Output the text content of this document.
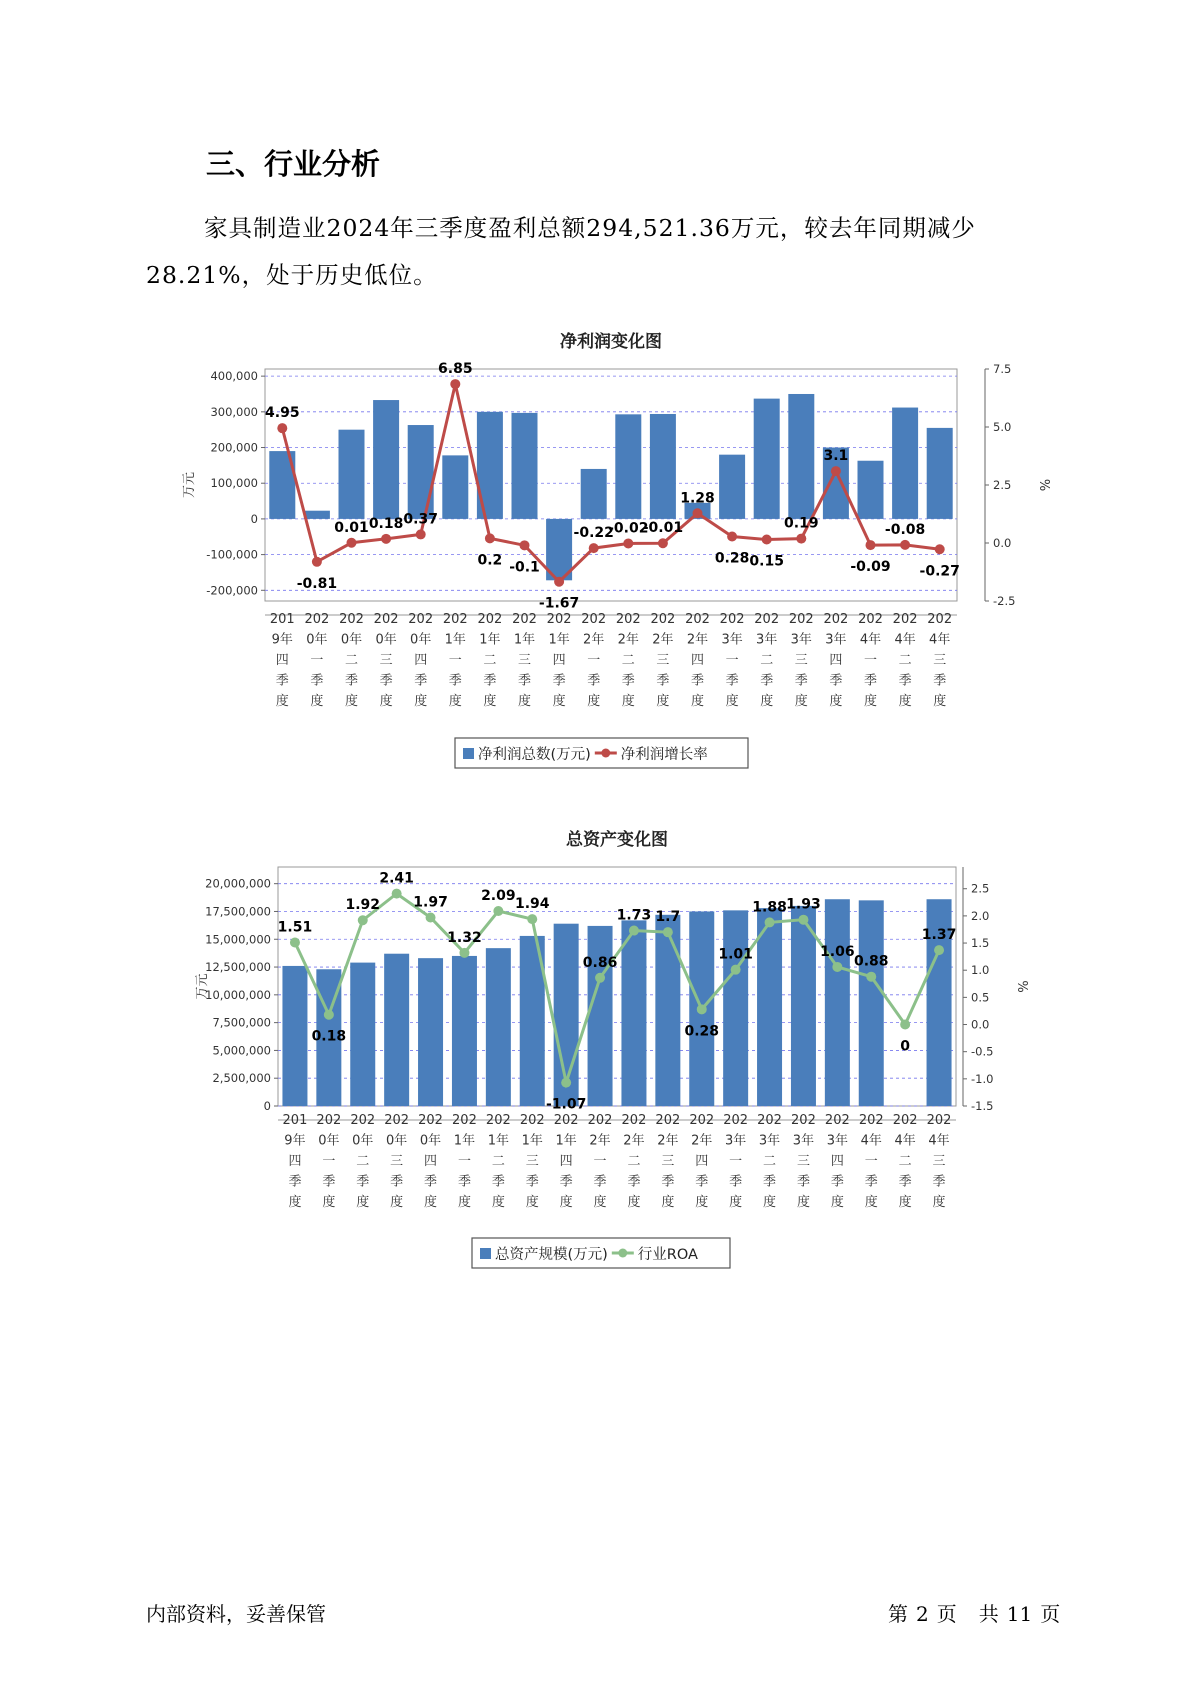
三、行业分析
家具制造业2024年三季度盈利总额294,521.36万元，较去年同期减少28.21%，处于历史低位。
净利润变化图
400,000
300,000
200,000
100,000
0
-100,000
-200,000
万元
7.5
5.0
2.5
0.0
-2.5
%
4.95
-0.81
0.01 0.18 0.37
6.85
0.2 -0.1
-1.67
-0.22
-0.02
-0.01
1.28
0.28 0.15
0.19
3.1
-0.09
-0.08
-0.27
201
9年
四
季
度
202
0年
一
季
度
202
0年
二
季
度
202
0年
三
季
度
202
0年
四
季
度
202
1年
一
季
度
202
1年
二
季
度
202
1年
三
季
度
202
1年
四
季
度
202
2年
一
季
度
202
2年
二
季
度
202
2年
三
季
度
202
2年
四
季
度
202
3年
一
季
度
202
3年
二
季
度
202
3年
三
季
度
202
3年
四
季
度
202
4年
一
季
度
202
4年
二
季
度
202
4年
三
季
度
净利润总数(万元) 净利润增长率
总资产变化图
20,000,000
17,500,000
15,000,000
12,500,000
10,000,000
7,500,000
5,000,000
2,500,000
0
万元
2.5
2.0
1.5
1.0
0.5
0.0
-0.5
-1.0
-1.5
%
1.51
0.18
1.92
2.41
1.97
1.32
2.09
1.94
-1.07
0.86
1.73 1.7
0.28
1.01
1.88 1.93
1.06
0.88
0
1.37
201
9年
四
季
度
202
0年
一
季
度
202
0年
二
季
度
202
0年
三
季
度
202
0年
四
季
度
202
1年
一
季
度
202
1年
二
季
度
202
1年
三
季
度
202
1年
四
季
度
202
2年
一
季
度
202
2年
二
季
度
202
2年
三
季
度
202
2年
四
季
度
202
3年
一
季
度
202
3年
二
季
度
202
3年
三
季
度
202
3年
四
季
度
202
4年
一
季
度
202
4年
二
季
度
202
4年
三
季
度
总资产规模(万元) 行业ROA
内部资料，妥善保管	第 2 页 共 11 页
